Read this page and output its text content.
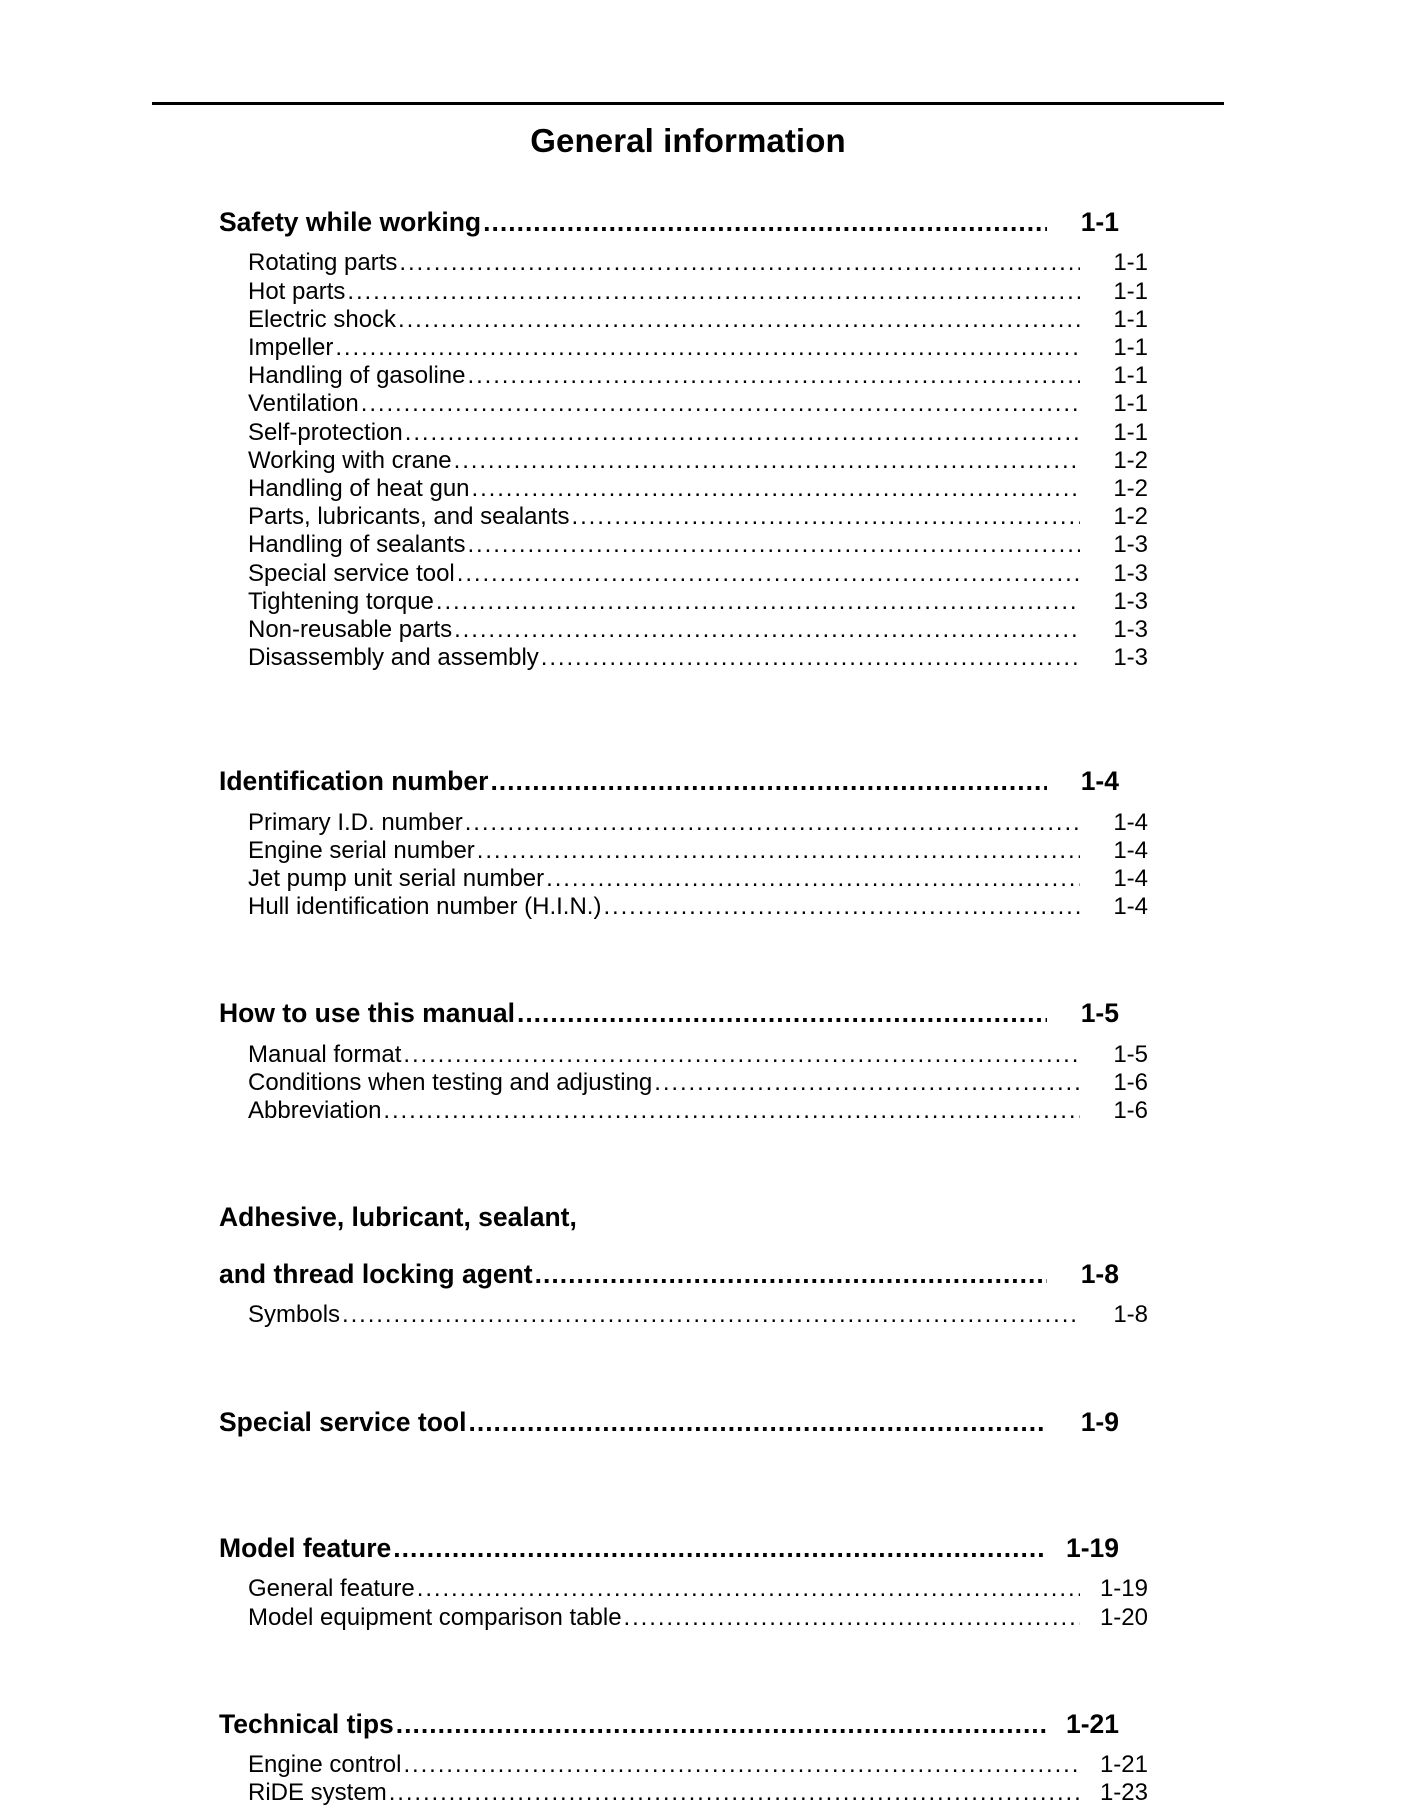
General information
Safety while working .....	1-1
Rotating parts .....	1-1
Hot parts .....	1-1
Electric shock .....	1-1
Impeller .....	1-1
Handling of gasoline .....	1-1
Ventilation .....	1-1
Self-protection .....	1-1
Working with crane .....	1-2
Handling of heat gun .....	1-2
Parts, lubricants, and sealants .....	1-2
Handling of sealants .....	1-3
Special service tool .....	1-3
Tightening torque .....	1-3
Non-reusable parts .....	1-3
Disassembly and assembly .....	1-3
Identification number .....	1-4
Primary I.D. number .....	1-4
Engine serial number .....	1-4
Jet pump unit serial number .....	1-4
Hull identification number (H.I.N.) .....	1-4
How to use this manual .....	1-5
Manual format .....	1-5
Conditions when testing and adjusting .....	1-6
Abbreviation .....	1-6
Adhesive, lubricant, sealant,
and thread locking agent .....	1-8
Symbols .....	1-8
Special service tool .....	1-9
Model feature .....	1-19
General feature .....	1-19
Model equipment comparison table .....	1-20
Technical tips .....	1-21
Engine control .....	1-21
RiDE system .....	1-23
